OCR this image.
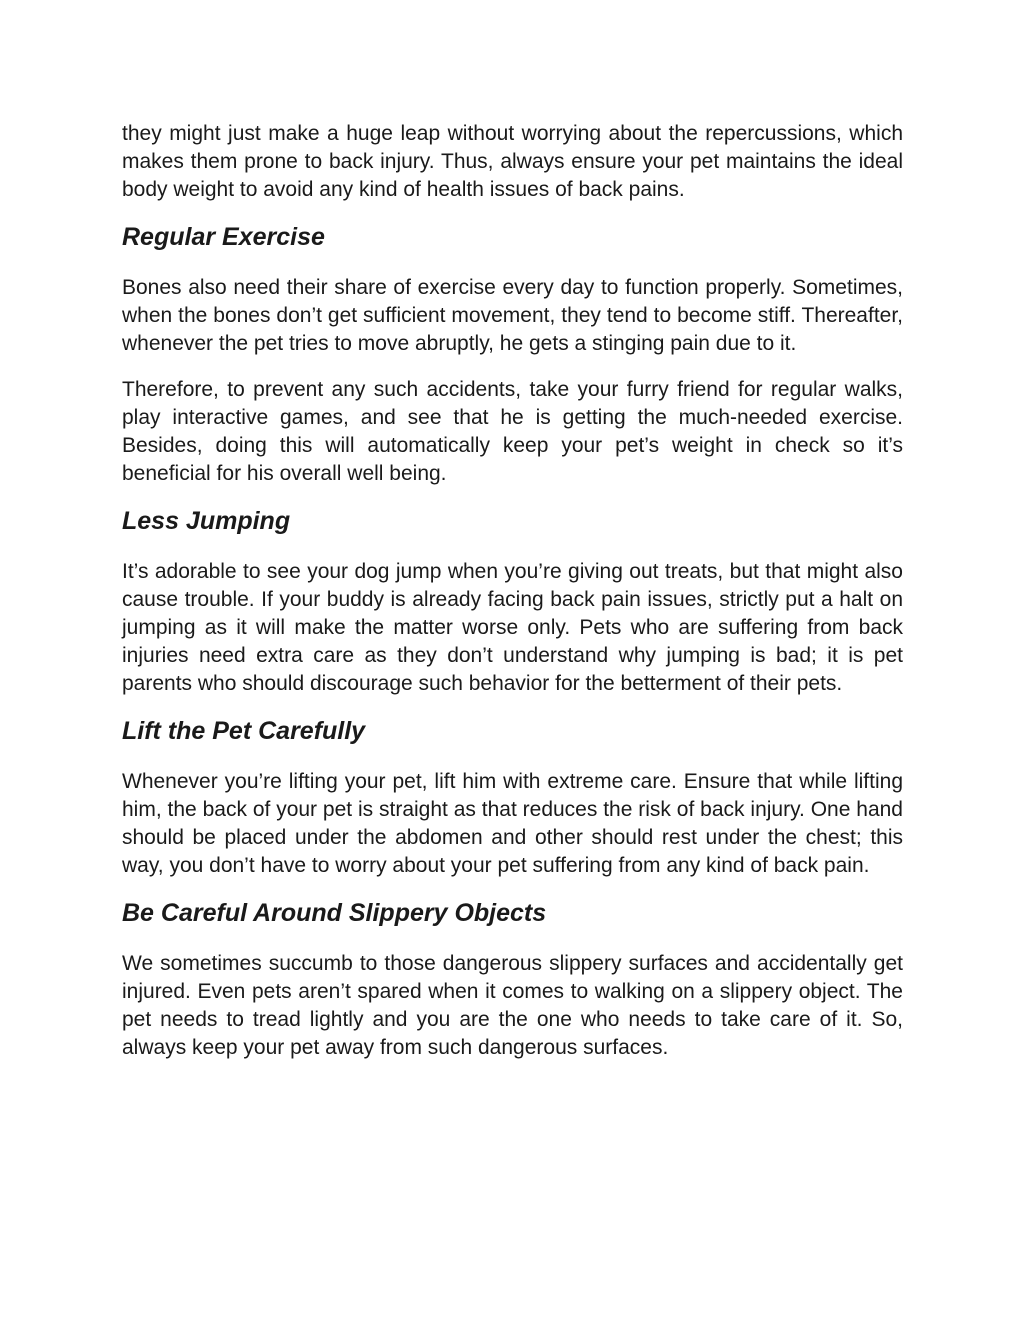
they might just make a huge leap without worrying about the repercussions, which makes them prone to back injury. Thus, always ensure your pet maintains the ideal body weight to avoid any kind of health issues of back pains.

Regular Exercise

Bones also need their share of exercise every day to function properly. Sometimes, when the bones don’t get sufficient movement, they tend to become stiff. Thereafter, whenever the pet tries to move abruptly, he gets a stinging pain due to it.

Therefore, to prevent any such accidents, take your furry friend for regular walks, play interactive games, and see that he is getting the much-needed exercise. Besides, doing this will automatically keep your pet’s weight in check so it’s beneficial for his overall well being.

Less Jumping

It’s adorable to see your dog jump when you’re giving out treats, but that might also cause trouble. If your buddy is already facing back pain issues, strictly put a halt on jumping as it will make the matter worse only. Pets who are suffering from back injuries need extra care as they don’t understand why jumping is bad; it is pet parents who should discourage such behavior for the betterment of their pets.

Lift the Pet Carefully

Whenever you’re lifting your pet, lift him with extreme care. Ensure that while lifting him, the back of your pet is straight as that reduces the risk of back injury. One hand should be placed under the abdomen and other should rest under the chest; this way, you don’t have to worry about your pet suffering from any kind of back pain.

Be Careful Around Slippery Objects

We sometimes succumb to those dangerous slippery surfaces and accidentally get injured. Even pets aren’t spared when it comes to walking on a slippery object. The pet needs to tread lightly and you are the one who needs to take care of it. So, always keep your pet away from such dangerous surfaces.
